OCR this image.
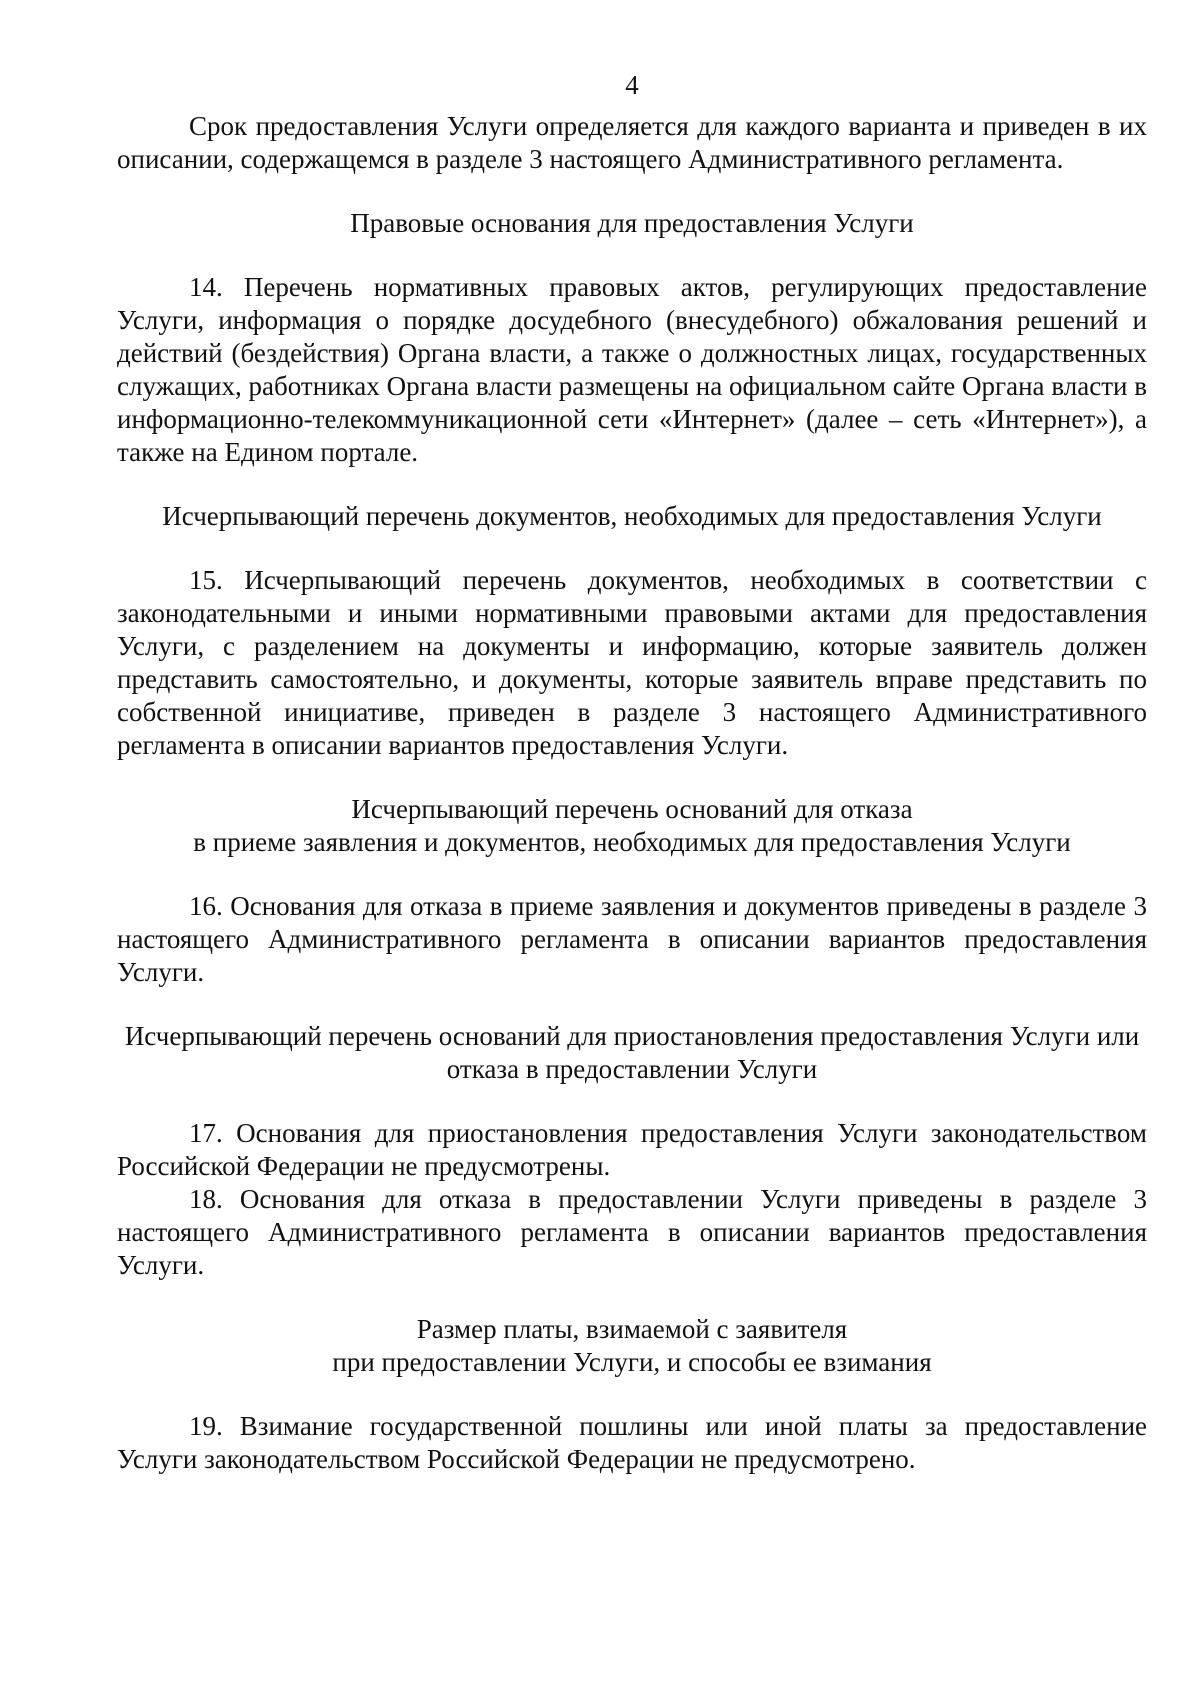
4

Срок предоставления Услуги определяется для каждого варианта и приведен в их описании, содержащемся в разделе 3 настоящего Административного регламента.

Правовые основания для предоставления Услуги

14. Перечень нормативных правовых актов, регулирующих предоставление Услуги, информация о порядке досудебного (внесудебного) обжалования решений и действий (бездействия) Органа власти, а также о должностных лицах, государственных служащих, работниках Органа власти размещены на официальном сайте Органа власти в информационно-телекоммуникационной сети «Интернет» (далее – сеть «Интернет»), а также на Едином портале.

Исчерпывающий перечень документов, необходимых для предоставления Услуги

15. Исчерпывающий перечень документов, необходимых в соответствии с законодательными и иными нормативными правовыми актами для предоставления Услуги, с разделением на документы и информацию, которые заявитель должен представить самостоятельно, и документы, которые заявитель вправе представить по собственной инициативе, приведен в разделе 3 настоящего Административного регламента в описании вариантов предоставления Услуги.

Исчерпывающий перечень оснований для отказа
в приеме заявления и документов, необходимых для предоставления Услуги

16. Основания для отказа в приеме заявления и документов приведены в разделе 3 настоящего Административного регламента в описании вариантов предоставления Услуги.

Исчерпывающий перечень оснований для приостановления предоставления Услуги или отказа в предоставлении Услуги

17. Основания для приостановления предоставления Услуги законодательством Российской Федерации не предусмотрены.

18. Основания для отказа в предоставлении Услуги приведены в разделе 3 настоящего Административного регламента в описании вариантов предоставления Услуги.

Размер платы, взимаемой с заявителя
при предоставлении Услуги, и способы ее взимания

19. Взимание государственной пошлины или иной платы за предоставление Услуги законодательством Российской Федерации не предусмотрено.
